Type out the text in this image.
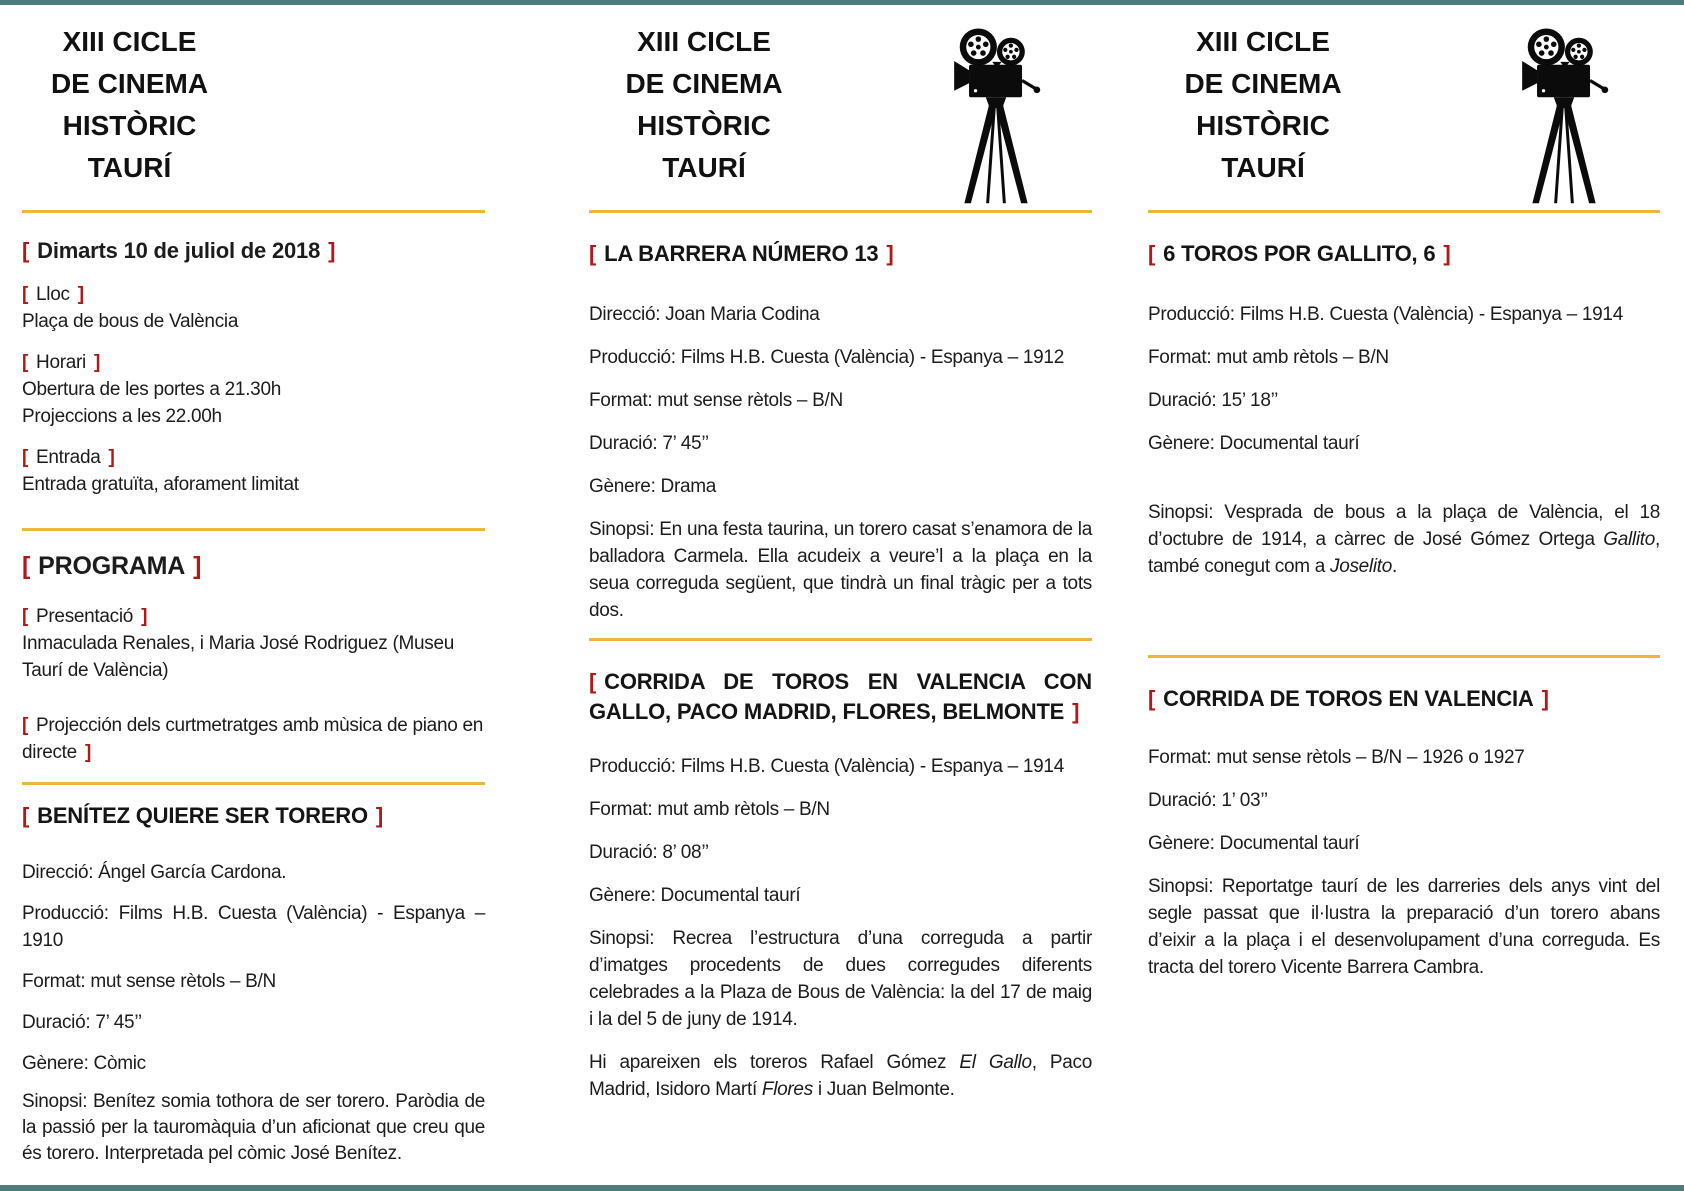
XIII CICLE
DE CINEMA
HISTÒRIC
TAURÍ

[ Dimarts 10 de juliol de 2018 ]

[ Lloc ]

Plaça de bous de València

[ Horari ]

Obertura de les portes a 21.30h

Projeccions a les 22.00h

[ Entrada ]

Entrada gratuïta, aforament limitat

[ PROGRAMA ]

[ Presentació ]

Inmaculada Renales, i Maria José Rodriguez (Museu Taurí de València)

[ Projección dels curtmetratges amb mùsica de piano en directe ]

[ BENÍTEZ QUIERE SER TORERO ]

Direcció: Ángel García Cardona.

Producció: Films H.B. Cuesta (València) - Espanya – 1910

Format: mut sense rètols – B/N

Duració: 7’ 45’’

Gènere: Còmic

Sinopsi: Benítez somia tothora de ser torero. Paròdia de la passió per la tauromàquia d’un aficionat que creu que és torero. Interpretada pel còmic José Benítez.

XIII CICLE
DE CINEMA
HISTÒRIC
TAURÍ

[ LA BARRERA NÚMERO 13 ]

Direcció: Joan Maria Codina

Producció: Films H.B. Cuesta (València) - Espanya – 1912

Format: mut sense rètols – B/N

Duració: 7’ 45’’

Gènere: Drama

Sinopsi: En una festa taurina, un torero casat s’enamora de la balladora Carmela. Ella acudeix a veure’l a la plaça en la seua correguda següent, que tindrà un final tràgic per a tots dos.

[ CORRIDA DE TOROS EN VALENCIA CON GALLO, PACO MADRID, FLORES, BELMONTE ]

Producció: Films H.B. Cuesta (València) - Espanya – 1914

Format: mut amb rètols – B/N

Duració: 8’ 08’’

Gènere: Documental taurí

Sinopsi: Recrea l’estructura d’una correguda a partir d’imatges procedents de dues corregudes diferents celebrades a la Plaza de Bous de València: la del 17 de maig i la del 5 de juny de 1914.

Hi apareixen els toreros Rafael Gómez El Gallo, Paco Madrid, Isidoro Martí Flores i Juan Belmonte.

XIII CICLE
DE CINEMA
HISTÒRIC
TAURÍ

[ 6 TOROS POR GALLITO, 6 ]

Producció: Films H.B. Cuesta (València) - Espanya – 1914

Format: mut amb rètols – B/N

Duració: 15’ 18’’

Gènere: Documental taurí

Sinopsi: Vesprada de bous a la plaça de València, el 18 d’octubre de 1914, a càrrec de José Gómez Ortega Gallito, també conegut com a Joselito.

[ CORRIDA DE TOROS EN VALENCIA ]

Format: mut sense rètols – B/N – 1926 o 1927

Duració: 1’ 03’’

Gènere: Documental taurí

Sinopsi: Reportatge taurí de les darreries dels anys vint del segle passat que il·lustra la preparació d’un torero abans d’eixir a la plaça i el desenvolupament d’una correguda. Es tracta del torero Vicente Barrera Cambra.
